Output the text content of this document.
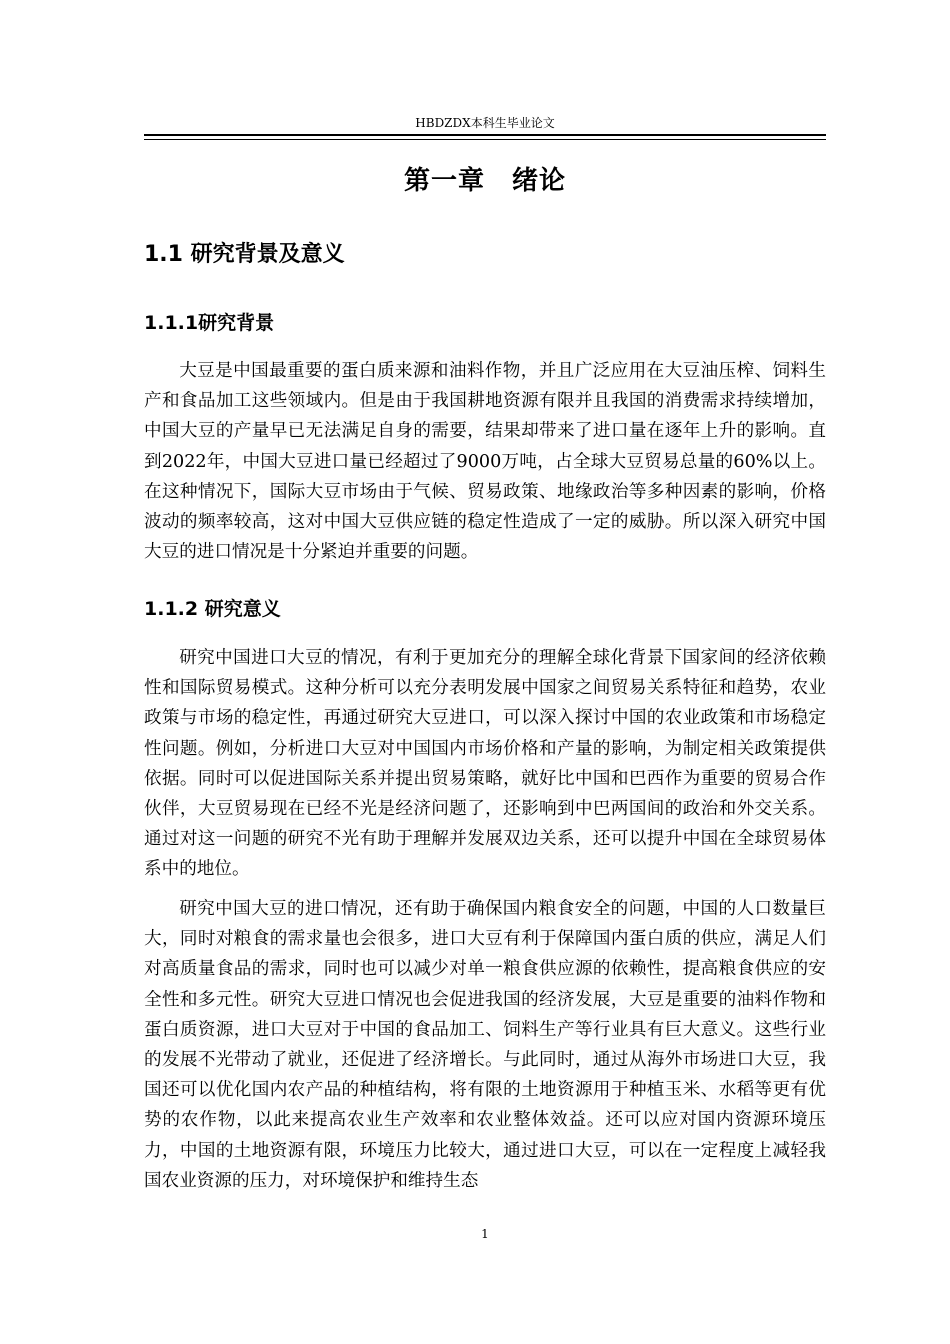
HBDZDX本科生毕业论文
第一章　绪论
1.1 研究背景及意义
1.1.1研究背景

大豆是中国最重要的蛋白质来源和油料作物，并且广泛应用在大豆油压榨、饲料生产和食品加工这些领域内。但是由于我国耕地资源有限并且我国的消费需求持续增加，中国大豆的产量早已无法满足自身的需要，结果却带来了进口量在逐年上升的影响。直到2022年，中国大豆进口量已经超过了9000万吨，占全球大豆贸易总量的60%以上。在这种情况下，国际大豆市场由于气候、贸易政策、地缘政治等多种因素的影响，价格波动的频率较高，这对中国大豆供应链的稳定性造成了一定的威胁。所以深入研究中国大豆的进口情况是十分紧迫并重要的问题。

1.1.2 研究意义

研究中国进口大豆的情况，有利于更加充分的理解全球化背景下国家间的经济依赖性和国际贸易模式。这种分析可以充分表明发展中国家之间贸易关系特征和趋势，农业政策与市场的稳定性，再通过研究大豆进口，可以深入探讨中国的农业政策和市场稳定性问题。例如，分析进口大豆对中国国内市场价格和产量的影响，为制定相关政策提供依据。同时可以促进国际关系并提出贸易策略，就好比中国和巴西作为重要的贸易合作伙伴，大豆贸易现在已经不光是经济问题了，还影响到中巴两国间的政治和外交关系。通过对这一问题的研究不光有助于理解并发展双边关系，还可以提升中国在全球贸易体系中的地位。

研究中国大豆的进口情况，还有助于确保国内粮食安全的问题，中国的人口数量巨大，同时对粮食的需求量也会很多，进口大豆有利于保障国内蛋白质的供应，满足人们对高质量食品的需求，同时也可以减少对单一粮食供应源的依赖性，提高粮食供应的安全性和多元性。研究大豆进口情况也会促进我国的经济发展，大豆是重要的油料作物和蛋白质资源，进口大豆对于中国的食品加工、饲料生产等行业具有巨大意义。这些行业的发展不光带动了就业，还促进了经济增长。与此同时，通过从海外市场进口大豆，我国还可以优化国内农产品的种植结构，将有限的土地资源用于种植玉米、水稻等更有优势的农作物，以此来提高农业生产效率和农业整体效益。还可以应对国内资源环境压力，中国的土地资源有限，环境压力比较大，通过进口大豆，可以在一定程度上减轻我国农业资源的压力，对环境保护和维持生态

1
